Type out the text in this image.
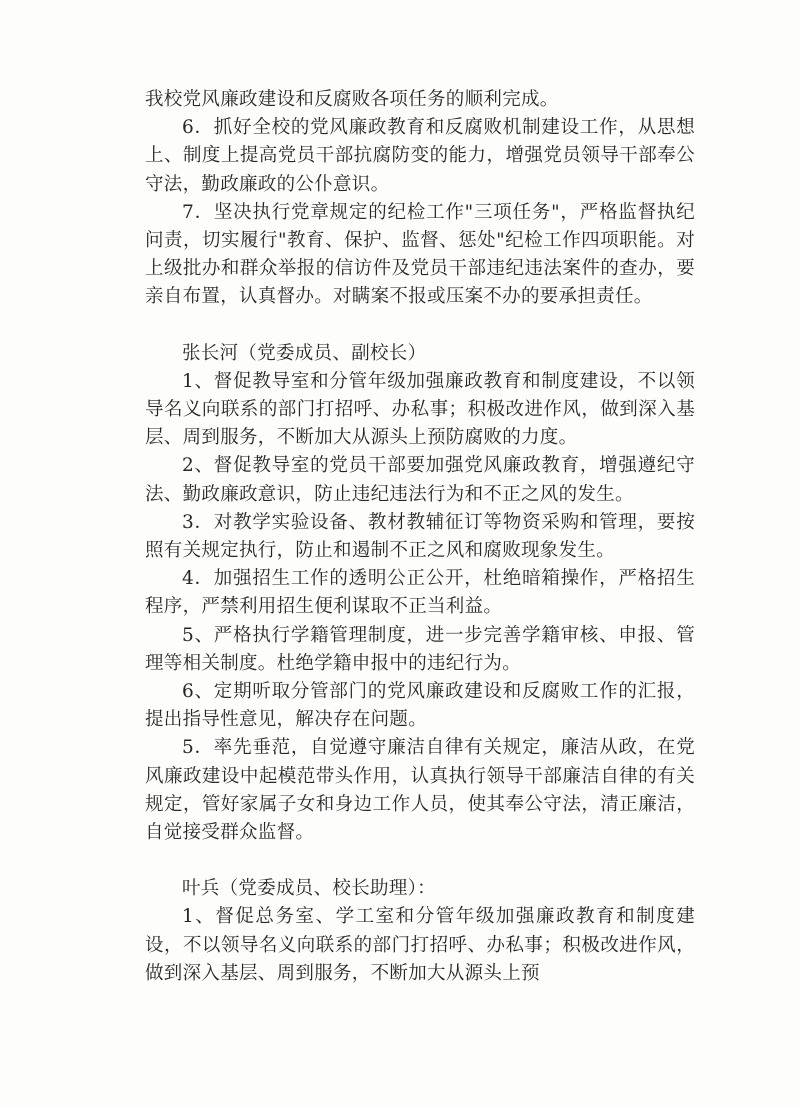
我校党风廉政建设和反腐败各项任务的顺利完成。

6．抓好全校的党风廉政教育和反腐败机制建设工作，从思想上、制度上提高党员干部抗腐防变的能力，增强党员领导干部奉公守法，勤政廉政的公仆意识。

7．坚决执行党章规定的纪检工作"三项任务"，严格监督执纪问责，切实履行"教育、保护、监督、惩处"纪检工作四项职能。对上级批办和群众举报的信访件及党员干部违纪违法案件的查办，要亲自布置，认真督办。对瞒案不报或压案不办的要承担责任。

张长河（党委成员、副校长）

1、督促教导室和分管年级加强廉政教育和制度建设，不以领导名义向联系的部门打招呼、办私事；积极改进作风，做到深入基层、周到服务，不断加大从源头上预防腐败的力度。

2、督促教导室的党员干部要加强党风廉政教育，增强遵纪守法、勤政廉政意识，防止违纪违法行为和不正之风的发生。

3．对教学实验设备、教材教辅征订等物资采购和管理，要按照有关规定执行，防止和遏制不正之风和腐败现象发生。

4．加强招生工作的透明公正公开，杜绝暗箱操作，严格招生程序，严禁利用招生便利谋取不正当利益。

5、严格执行学籍管理制度，进一步完善学籍审核、申报、管理等相关制度。杜绝学籍申报中的违纪行为。

6、定期听取分管部门的党风廉政建设和反腐败工作的汇报，提出指导性意见，解决存在问题。

5．率先垂范，自觉遵守廉洁自律有关规定，廉洁从政，在党风廉政建设中起模范带头作用，认真执行领导干部廉洁自律的有关规定，管好家属子女和身边工作人员，使其奉公守法，清正廉洁，自觉接受群众监督。

叶兵（党委成员、校长助理）：

1、督促总务室、学工室和分管年级加强廉政教育和制度建设，不以领导名义向联系的部门打招呼、办私事；积极改进作风，做到深入基层、周到服务，不断加大从源头上预
